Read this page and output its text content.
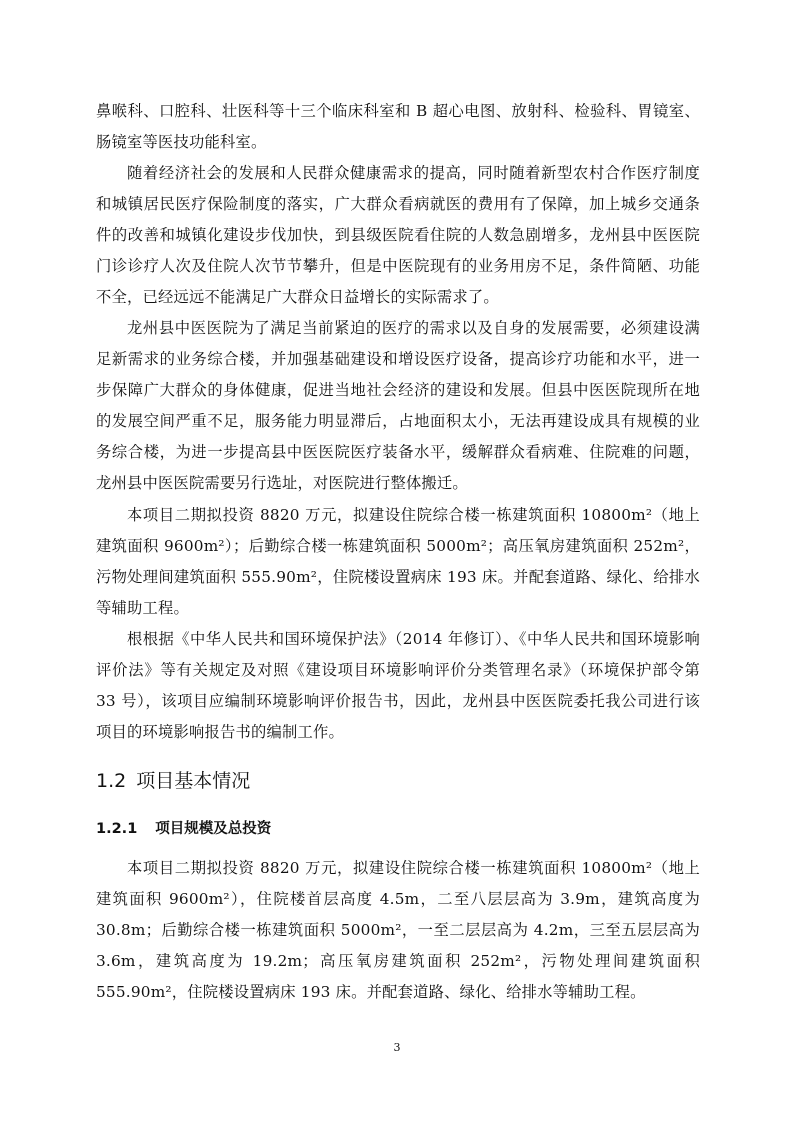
鼻喉科、口腔科、壮医科等十三个临床科室和 B 超心电图、放射科、检验科、胃镜室、肠镜室等医技功能科室。

随着经济社会的发展和人民群众健康需求的提高，同时随着新型农村合作医疗制度和城镇居民医疗保险制度的落实，广大群众看病就医的费用有了保障，加上城乡交通条件的改善和城镇化建设步伐加快，到县级医院看住院的人数急剧增多，龙州县中医医院门诊诊疗人次及住院人次节节攀升，但是中医院现有的业务用房不足，条件简陋、功能不全，已经远远不能满足广大群众日益增长的实际需求了。

龙州县中医医院为了满足当前紧迫的医疗的需求以及自身的发展需要，必须建设满足新需求的业务综合楼，并加强基础建设和增设医疗设备，提高诊疗功能和水平，进一步保障广大群众的身体健康，促进当地社会经济的建设和发展。但县中医医院现所在地的发展空间严重不足，服务能力明显滞后，占地面积太小，无法再建设成具有规模的业务综合楼，为进一步提高县中医医院医疗装备水平，缓解群众看病难、住院难的问题，龙州县中医医院需要另行选址，对医院进行整体搬迁。

本项目二期拟投资 8820 万元，拟建设住院综合楼一栋建筑面积 10800m²（地上建筑面积 9600m²）；后勤综合楼一栋建筑面积 5000m²；高压氧房建筑面积 252m²，污物处理间建筑面积 555.90m²，住院楼设置病床 193 床。并配套道路、绿化、给排水等辅助工程。

根根据《中华人民共和国环境保护法》（2014 年修订）、《中华人民共和国环境影响评价法》等有关规定及对照《建设项目环境影响评价分类管理名录》（环境保护部令第 33 号），该项目应编制环境影响评价报告书，因此，龙州县中医医院委托我公司进行该项目的环境影响报告书的编制工作。

1.2 项目基本情况
1.2.1 项目规模及总投资

本项目二期拟投资 8820 万元，拟建设住院综合楼一栋建筑面积 10800m²（地上建筑面积 9600m²），住院楼首层高度 4.5m，二至八层层高为 3.9m，建筑高度为 30.8m；后勤综合楼一栋建筑面积 5000m²，一至二层层高为 4.2m，三至五层层高为 3.6m，建筑高度为 19.2m；高压氧房建筑面积 252m²，污物处理间建筑面积 555.90m²，住院楼设置病床 193 床。并配套道路、绿化、给排水等辅助工程。

3
